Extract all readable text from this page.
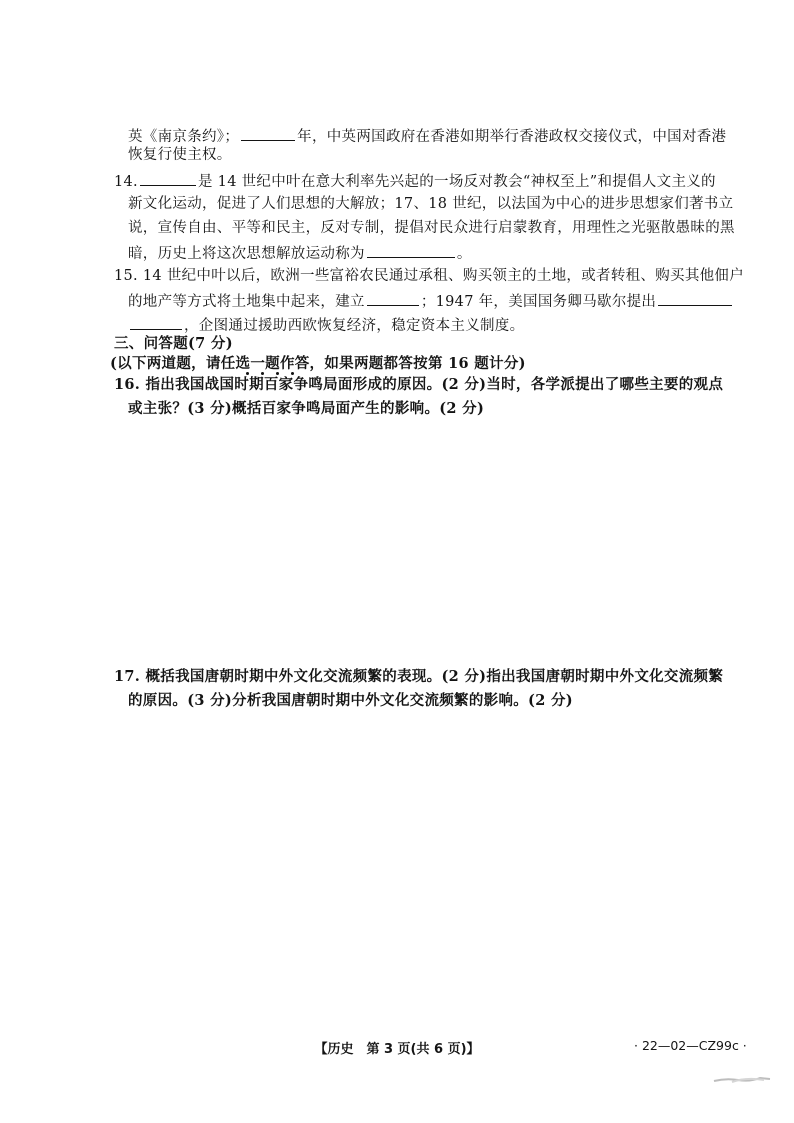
英《南京条约》；	年，中英两国政府在香港如期举行香港政权交接仪式，中国对香港
恢复行使主权。
14.	是 14 世纪中叶在意大利率先兴起的一场反对教会“神权至上”和提倡人文主义的
新文化运动，促进了人们思想的大解放；17、18 世纪，以法国为中心的进步思想家们著书立
说，宣传自由、平等和民主，反对专制，提倡对民众进行启蒙教育，用理性之光驱散愚昧的黑
暗，历史上将这次思想解放运动称为	。
15. 14 世纪中叶以后，欧洲一些富裕农民通过承租、购买领主的土地，或者转租、购买其他佃户
的地产等方式将土地集中起来，建立	；1947 年，美国国务卿马歇尔提出
，企图通过援助西欧恢复经济，稳定资本主义制度。
三、问答题(7 分)
(以下两道题，请任选一题作答，如果两题都答按第 16 题计分)
16. 指出我国战国时期百家争鸣局面形成的原因。(2 分)当时，各学派提出了哪些主要的观点
或主张？(3 分)概括百家争鸣局面产生的影响。(2 分)
17. 概括我国唐朝时期中外文化交流频繁的表现。(2 分)指出我国唐朝时期中外文化交流频繁
的原因。(3 分)分析我国唐朝时期中外文化交流频繁的影响。(2 分)
【历史　第 3 页(共 6 页)】	· 22—02—CZ99c ·
